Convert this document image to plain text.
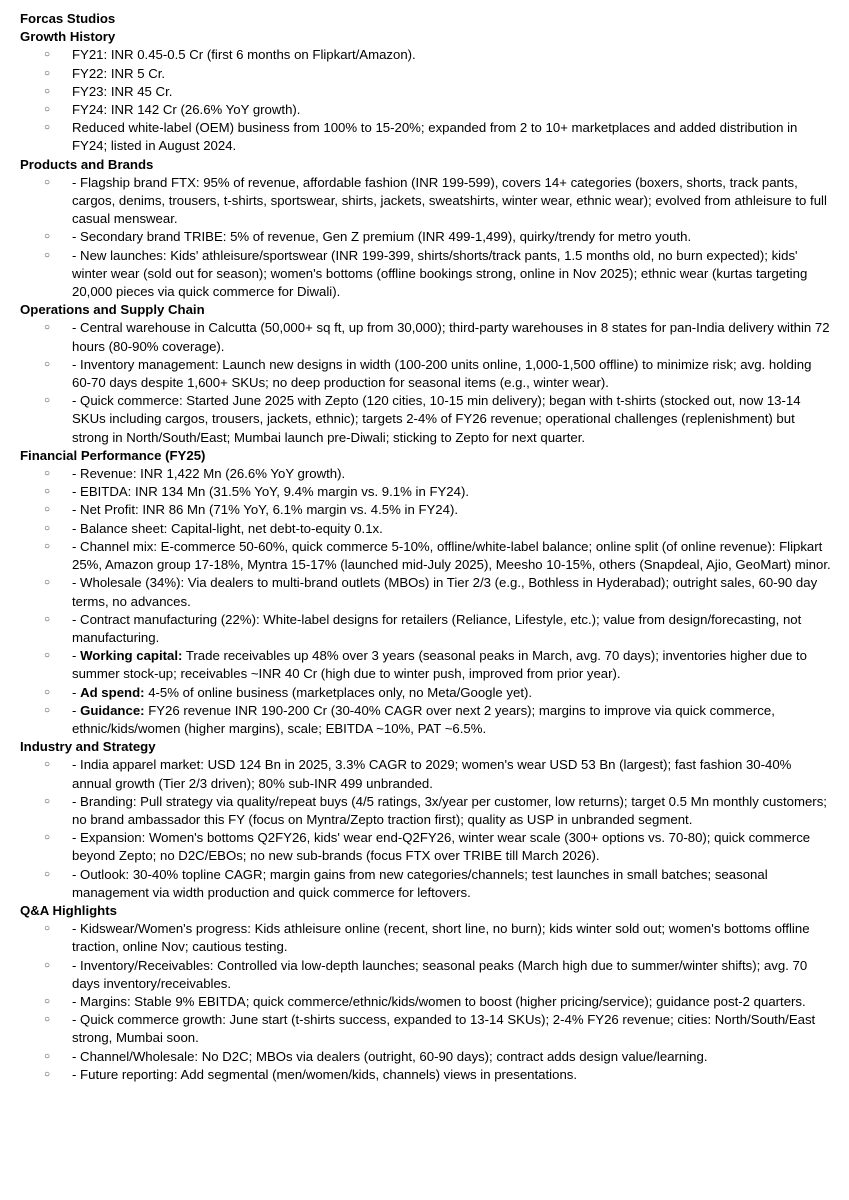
Forcas Studios
Growth History
○
FY21: INR 0.45-0.5 Cr (first 6 months on Flipkart/Amazon).
○
FY22: INR 5 Cr.
○
FY23: INR 45 Cr.
○
FY24: INR 142 Cr (26.6% YoY growth).
○
Reduced white-label (OEM) business from 100% to 15-20%; expanded from 2 to 10+ marketplaces and added distribution in FY24; listed in August 2024.
Products and Brands
○
- Flagship brand FTX: 95% of revenue, affordable fashion (INR 199-599), covers 14+ categories (boxers, shorts, track pants, cargos, denims, trousers, t-shirts, sportswear, shirts, jackets, sweatshirts, winter wear, ethnic wear); evolved from athleisure to full casual menswear.
○
- Secondary brand TRIBE: 5% of revenue, Gen Z premium (INR 499-1,499), quirky/trendy for metro youth.
○
- New launches: Kids' athleisure/sportswear (INR 199-399, shirts/shorts/track pants, 1.5 months old, no burn expected); kids' winter wear (sold out for season); women's bottoms (offline bookings strong, online in Nov 2025); ethnic wear (kurtas targeting 20,000 pieces via quick commerce for Diwali).
Operations and Supply Chain
○
- Central warehouse in Calcutta (50,000+ sq ft, up from 30,000); third-party warehouses in 8 states for pan-India delivery within 72 hours (80-90% coverage).
○
- Inventory management: Launch new designs in width (100-200 units online, 1,000-1,500 offline) to minimize risk; avg. holding 60-70 days despite 1,600+ SKUs; no deep production for seasonal items (e.g., winter wear).
○
- Quick commerce: Started June 2025 with Zepto (120 cities, 10-15 min delivery); began with t-shirts (stocked out, now 13-14 SKUs including cargos, trousers, jackets, ethnic); targets 2-4% of FY26 revenue; operational challenges (replenishment) but strong in North/South/East; Mumbai launch pre-Diwali; sticking to Zepto for next quarter.
Financial Performance (FY25)
○
- Revenue: INR 1,422 Mn (26.6% YoY growth).
○
- EBITDA: INR 134 Mn (31.5% YoY, 9.4% margin vs. 9.1% in FY24).
○
- Net Profit: INR 86 Mn (71% YoY, 6.1% margin vs. 4.5% in FY24).
○
- Balance sheet: Capital-light, net debt-to-equity 0.1x.
○
- Channel mix: E-commerce 50-60%, quick commerce 5-10%, offline/white-label balance; online split (of online revenue): Flipkart 25%, Amazon group 17-18%, Myntra 15-17% (launched mid-July 2025), Meesho 10-15%, others (Snapdeal, Ajio, GeoMart) minor.
○
- Wholesale (34%): Via dealers to multi-brand outlets (MBOs) in Tier 2/3 (e.g., Bothless in Hyderabad); outright sales, 60-90 day terms, no advances.
○
- Contract manufacturing (22%): White-label designs for retailers (Reliance, Lifestyle, etc.); value from design/forecasting, not manufacturing.
○
- Working capital: Trade receivables up 48% over 3 years (seasonal peaks in March, avg. 70 days); inventories higher due to summer stock-up; receivables ~INR 40 Cr (high due to winter push, improved from prior year).
○
- Ad spend: 4-5% of online business (marketplaces only, no Meta/Google yet).
○
- Guidance: FY26 revenue INR 190-200 Cr (30-40% CAGR over next 2 years); margins to improve via quick commerce, ethnic/kids/women (higher margins), scale; EBITDA ~10%, PAT ~6.5%.
Industry and Strategy
○
- India apparel market: USD 124 Bn in 2025, 3.3% CAGR to 2029; women's wear USD 53 Bn (largest); fast fashion 30-40% annual growth (Tier 2/3 driven); 80% sub-INR 499 unbranded.
○
- Branding: Pull strategy via quality/repeat buys (4/5 ratings, 3x/year per customer, low returns); target 0.5 Mn monthly customers; no brand ambassador this FY (focus on Myntra/Zepto traction first); quality as USP in unbranded segment.
○
- Expansion: Women's bottoms Q2FY26, kids' wear end-Q2FY26, winter wear scale (300+ options vs. 70-80); quick commerce beyond Zepto; no D2C/EBOs; no new sub-brands (focus FTX over TRIBE till March 2026).
○
- Outlook: 30-40% topline CAGR; margin gains from new categories/channels; test launches in small batches; seasonal management via width production and quick commerce for leftovers.
Q&A Highlights
○
- Kidswear/Women's progress: Kids athleisure online (recent, short line, no burn); kids winter sold out; women's bottoms offline traction, online Nov; cautious testing.
○
- Inventory/Receivables: Controlled via low-depth launches; seasonal peaks (March high due to summer/winter shifts); avg. 70 days inventory/receivables.
○
- Margins: Stable 9% EBITDA; quick commerce/ethnic/kids/women to boost (higher pricing/service); guidance post-2 quarters.
○
- Quick commerce growth: June start (t-shirts success, expanded to 13-14 SKUs); 2-4% FY26 revenue; cities: North/South/East strong, Mumbai soon.
○
- Channel/Wholesale: No D2C; MBOs via dealers (outright, 60-90 days); contract adds design value/learning.
○
- Future reporting: Add segmental (men/women/kids, channels) views in presentations.
